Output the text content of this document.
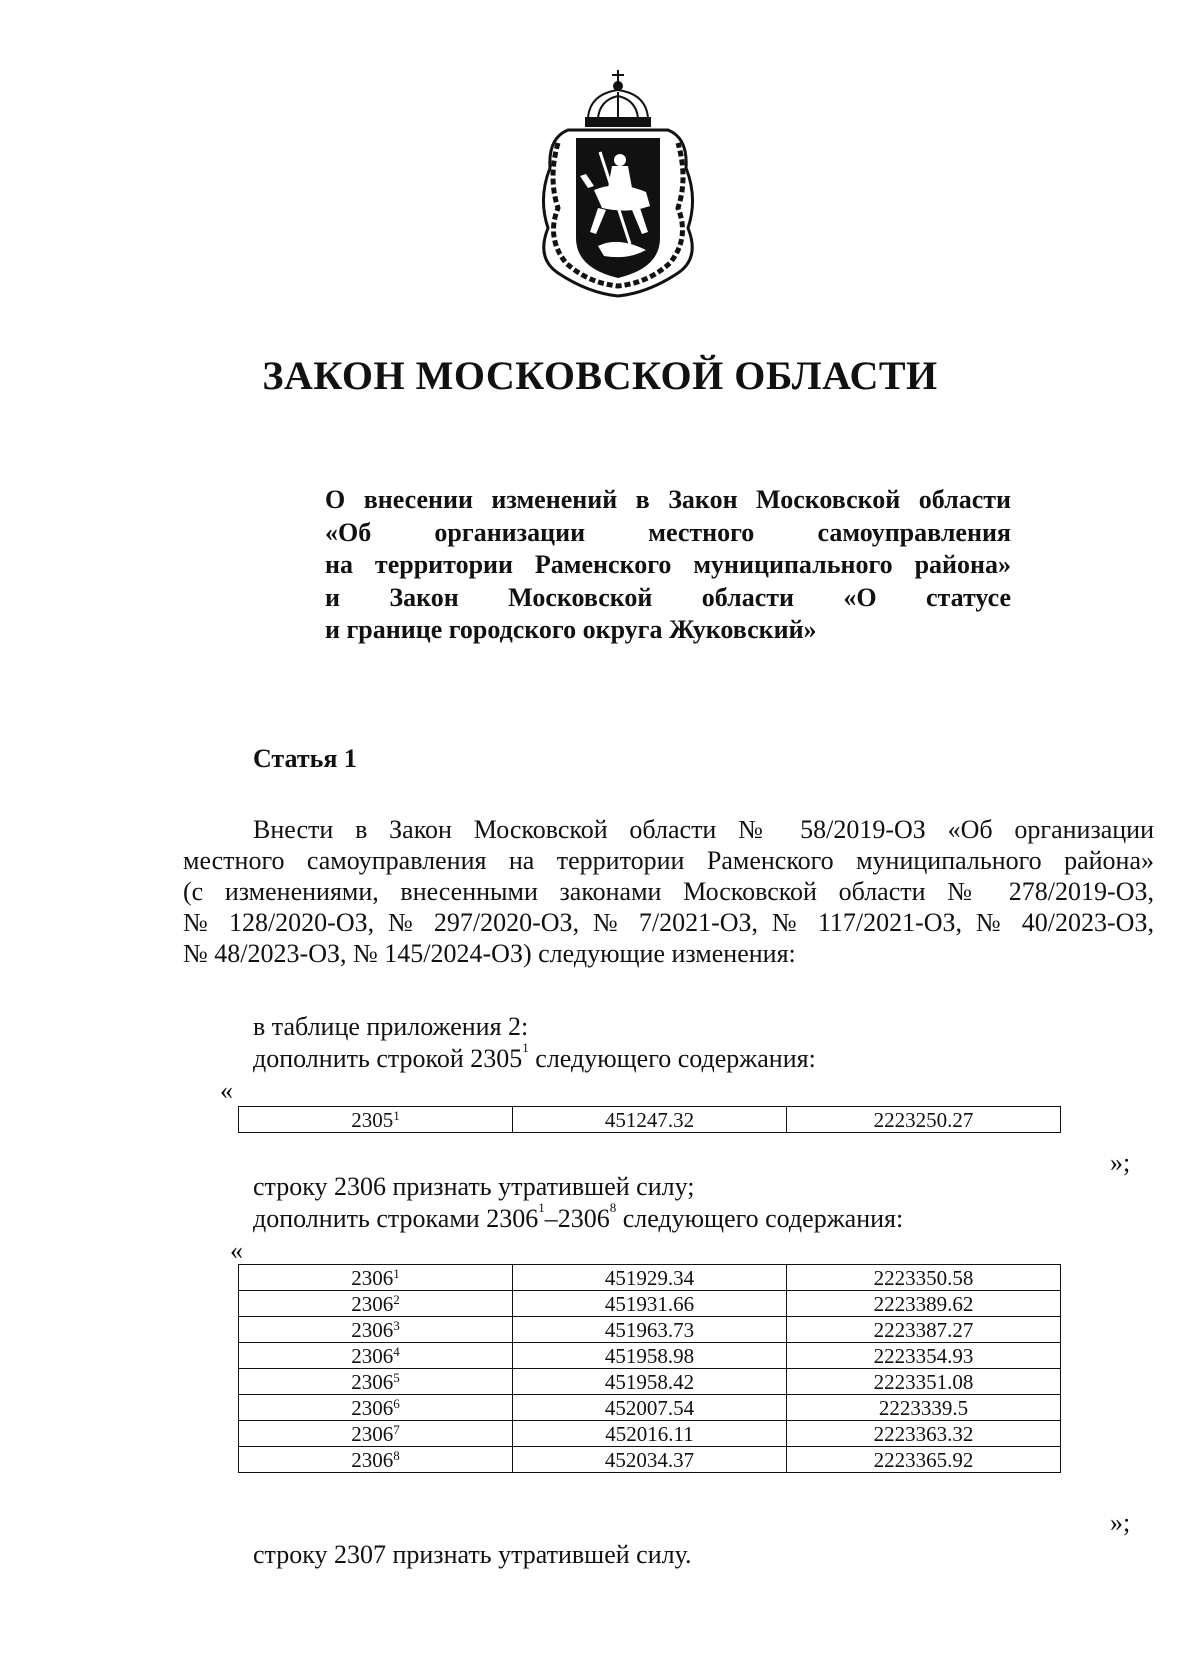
ЗАКОН МОСКОВСКОЙ ОБЛАСТИ
О внесении изменений в Закон Московской области
«Об организации местного самоуправления
на территории Раменского муниципального района»
и Закон Московской области «О статусе
и границе городского округа Жуковский»
Статья 1
Внести в Закон Московской области № 58/2019-ОЗ «Об организации
местного самоуправления на территории Раменского муниципального района»
(с изменениями, внесенными законами Московской области № 278/2019-ОЗ,
№ 128/2020-ОЗ, № 297/2020-ОЗ, № 7/2021-ОЗ, № 117/2021-ОЗ, № 40/2023-ОЗ,
№ 48/2023-ОЗ, № 145/2024-ОЗ) следующие изменения:
в таблице приложения 2:
дополнить строкой 2305$^1$ следующего содержания:
«
2305$^1$	451247.32	2223250.27
»;
строку 2306 признать утратившей силу;
дополнить строками 2306$^1$–2306$^8$ следующего содержания:
«
2306$^1$	451929.34	2223350.58
2306$^2$	451931.66	2223389.62
2306$^3$	451963.73	2223387.27
2306$^4$	451958.98	2223354.93
2306$^5$	451958.42	2223351.08
2306$^6$	452007.54	2223339.5
2306$^7$	452016.11	2223363.32
2306$^8$	452034.37	2223365.92
»;
строку 2307 признать утратившей силу.
